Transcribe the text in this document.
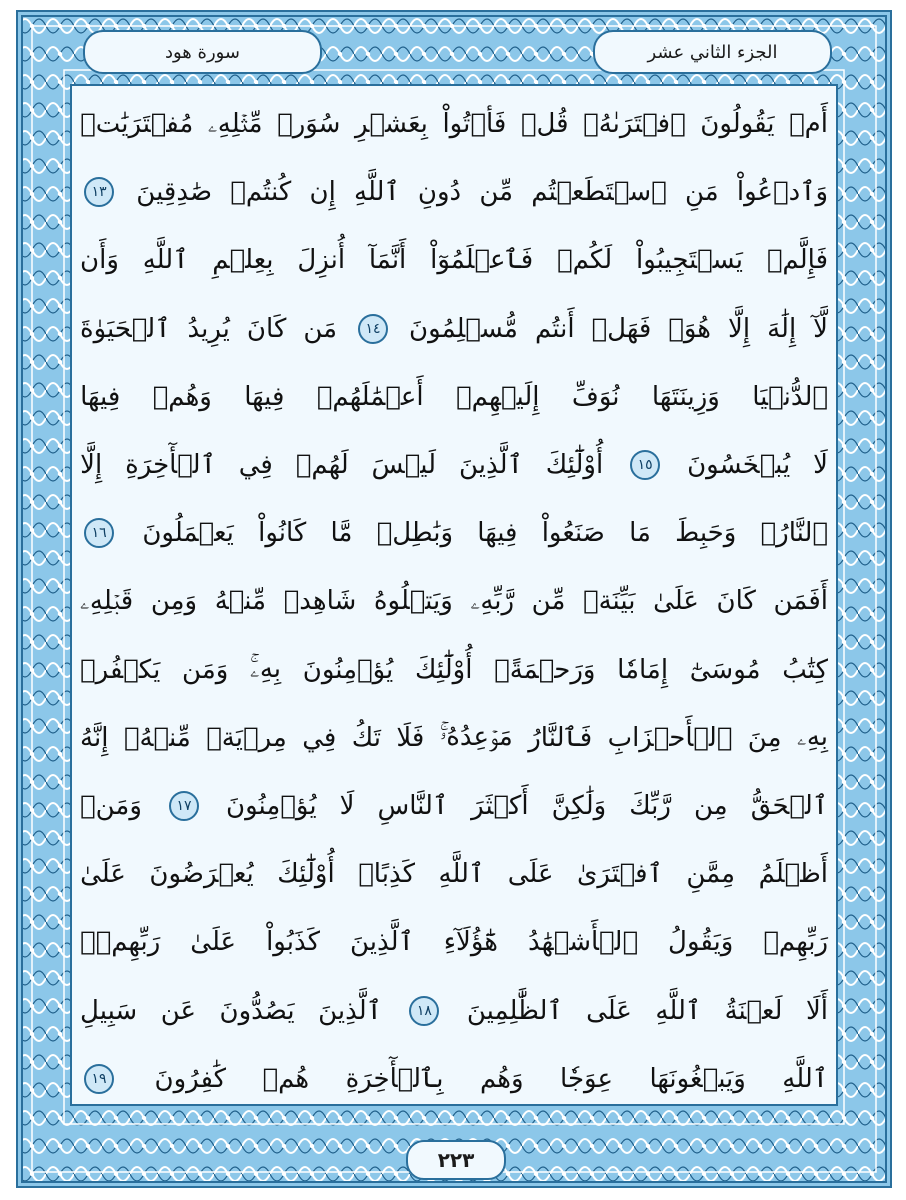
أَمۡ
يَقُولُونَ
ٱفۡتَرَىٰهُۖ
قُلۡ
فَأۡتُواْ
بِعَشۡرِ
سُوَرٖ
مِّثۡلِهِۦ
مُفۡتَرَيَٰتٖ
وَٱدۡعُواْ
مَنِ
ٱسۡتَطَعۡتُم
مِّن
دُونِ
ٱللَّهِ
إِن
كُنتُمۡ
صَٰدِقِينَ
١٣
فَإِلَّمۡ
يَسۡتَجِيبُواْ
لَكُمۡ
فَٱعۡلَمُوٓاْ
أَنَّمَآ
أُنزِلَ
بِعِلۡمِ
ٱللَّهِ
وَأَن
لَّآ
إِلَٰهَ
إِلَّا
هُوَۖ
فَهَلۡ
أَنتُم
مُّسۡلِمُونَ
١٤
مَن
كَانَ
يُرِيدُ
ٱلۡحَيَوٰةَ
ٱلدُّنۡيَا
وَزِينَتَهَا
نُوَفِّ
إِلَيۡهِمۡ
أَعۡمَٰلَهُمۡ
فِيهَا
وَهُمۡ
فِيهَا
لَا
يُبۡخَسُونَ
١٥
أُوْلَٰٓئِكَ
ٱلَّذِينَ
لَيۡسَ
لَهُمۡ
فِي
ٱلۡأٓخِرَةِ
إِلَّا
ٱلنَّارُۖ
وَحَبِطَ
مَا
صَنَعُواْ
فِيهَا
وَبَٰطِلٞ
مَّا
كَانُواْ
يَعۡمَلُونَ
١٦
أَفَمَن
كَانَ
عَلَىٰ
بَيِّنَةٖ
مِّن
رَّبِّهِۦ
وَيَتۡلُوهُ
شَاهِدٞ
مِّنۡهُ
وَمِن
قَبۡلِهِۦ
كِتَٰبُ
مُوسَىٰٓ
إِمَامٗا
وَرَحۡمَةًۚ
أُوْلَٰٓئِكَ
يُؤۡمِنُونَ
بِهِۦۚ
وَمَن
يَكۡفُرۡ
بِهِۦ
مِنَ
ٱلۡأَحۡزَابِ
فَٱلنَّارُ
مَوۡعِدُهُۥۚ
فَلَا
تَكُ
فِي
مِرۡيَةٖ
مِّنۡهُۚ
إِنَّهُ
ٱلۡحَقُّ
مِن
رَّبِّكَ
وَلَٰكِنَّ
أَكۡثَرَ
ٱلنَّاسِ
لَا
يُؤۡمِنُونَ
١٧
وَمَنۡ
أَظۡلَمُ
مِمَّنِ
ٱفۡتَرَىٰ
عَلَى
ٱللَّهِ
كَذِبًاۚ
أُوْلَٰٓئِكَ
يُعۡرَضُونَ
عَلَىٰ
رَبِّهِمۡ
وَيَقُولُ
ٱلۡأَشۡهَٰدُ
هَٰٓؤُلَآءِ
ٱلَّذِينَ
كَذَبُواْ
عَلَىٰ
رَبِّهِمۡۚ
أَلَا
لَعۡنَةُ
ٱللَّهِ
عَلَى
ٱلظَّٰلِمِينَ
١٨
ٱلَّذِينَ
يَصُدُّونَ
عَن
سَبِيلِ
ٱللَّهِ
وَيَبۡغُونَهَا
عِوَجٗا
وَهُم
بِٱلۡأٓخِرَةِ
هُمۡ
كَٰفِرُونَ
١٩
الجزء الثاني عشر
سورة هود
٢٢٣
